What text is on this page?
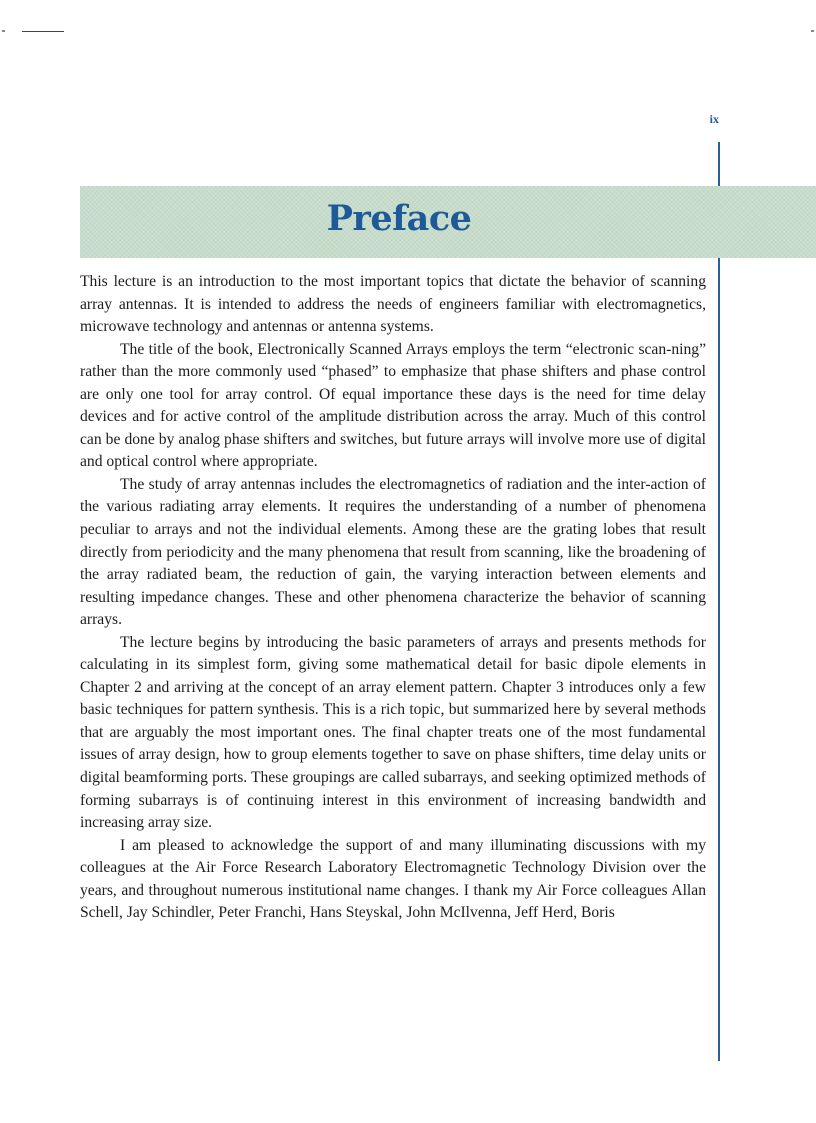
ix
Preface

This lecture is an introduction to the most important topics that dictate the behavior of scanning array antennas. It is intended to address the needs of engineers familiar with electromagnetics, microwave technology and antennas or antenna systems.

The title of the book, Electronically Scanned Arrays employs the term “electronic scan-ning” rather than the more commonly used “phased” to emphasize that phase shifters and phase control are only one tool for array control. Of equal importance these days is the need for time delay devices and for active control of the amplitude distribution across the array. Much of this control can be done by analog phase shifters and switches, but future arrays will involve more use of digital and optical control where appropriate.

The study of array antennas includes the electromagnetics of radiation and the inter-action of the various radiating array elements. It requires the understanding of a number of phenomena peculiar to arrays and not the individual elements. Among these are the grating lobes that result directly from periodicity and the many phenomena that result from scanning, like the broadening of the array radiated beam, the reduction of gain, the varying interaction between elements and resulting impedance changes. These and other phenomena characterize the behavior of scanning arrays.

The lecture begins by introducing the basic parameters of arrays and presents methods for calculating in its simplest form, giving some mathematical detail for basic dipole elements in Chapter 2 and arriving at the concept of an array element pattern. Chapter 3 introduces only a few basic techniques for pattern synthesis. This is a rich topic, but summarized here by several methods that are arguably the most important ones. The final chapter treats one of the most fundamental issues of array design, how to group elements together to save on phase shifters, time delay units or digital beamforming ports. These groupings are called subarrays, and seeking optimized methods of forming subarrays is of continuing interest in this environment of increasing bandwidth and increasing array size.

I am pleased to acknowledge the support of and many illuminating discussions with my colleagues at the Air Force Research Laboratory Electromagnetic Technology Division over the years, and throughout numerous institutional name changes. I thank my Air Force colleagues Allan Schell, Jay Schindler, Peter Franchi, Hans Steyskal, John McIlvenna, Jeff Herd, Boris
